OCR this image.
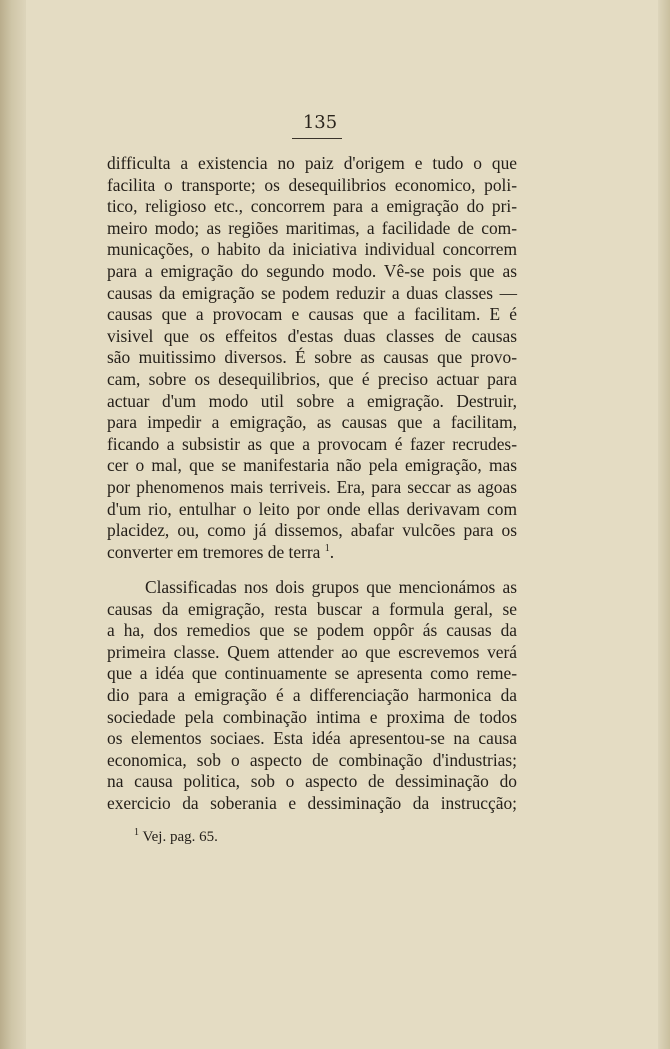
135
difficulta a existencia no paiz d'origem e tudo o que
facilita o transporte; os desequilibrios economico, poli-
tico, religioso etc., concorrem para a emigração do pri-
meiro modo; as regiões maritimas, a facilidade de com-
municações, o habito da iniciativa individual concorrem
para a emigração do segundo modo. Vê-se pois que as
causas da emigração se podem reduzir a duas classes —
causas que a provocam e causas que a facilitam. E é
visivel que os effeitos d'estas duas classes de causas
são muitissimo diversos. É sobre as causas que provo-
cam, sobre os desequilibrios, que é preciso actuar para
actuar d'um modo util sobre a emigração. Destruir,
para impedir a emigração, as causas que a facilitam,
ficando a subsistir as que a provocam é fazer recrudes-
cer o mal, que se manifestaria não pela emigração, mas
por phenomenos mais terriveis. Era, para seccar as agoas
d'um rio, entulhar o leito por onde ellas derivavam com
placidez, ou, como já dissemos, abafar vulcões para os
converter em tremores de terra $^1$.
Classificadas nos dois grupos que mencionámos as
causas da emigração, resta buscar a formula geral, se
a ha, dos remedios que se podem oppôr ás causas da
primeira classe. Quem attender ao que escrevemos verá
que a idéa que continuamente se apresenta como reme-
dio para a emigração é a differenciação harmonica da
sociedade pela combinação intima e proxima de todos
os elementos sociaes. Esta idéa apresentou-se na causa
economica, sob o aspecto de combinação d'industrias;
na causa politica, sob o aspecto de dessiminação do
exercicio da soberania e dessiminação da instrucção;
$^1$ Vej. pag. 65.
